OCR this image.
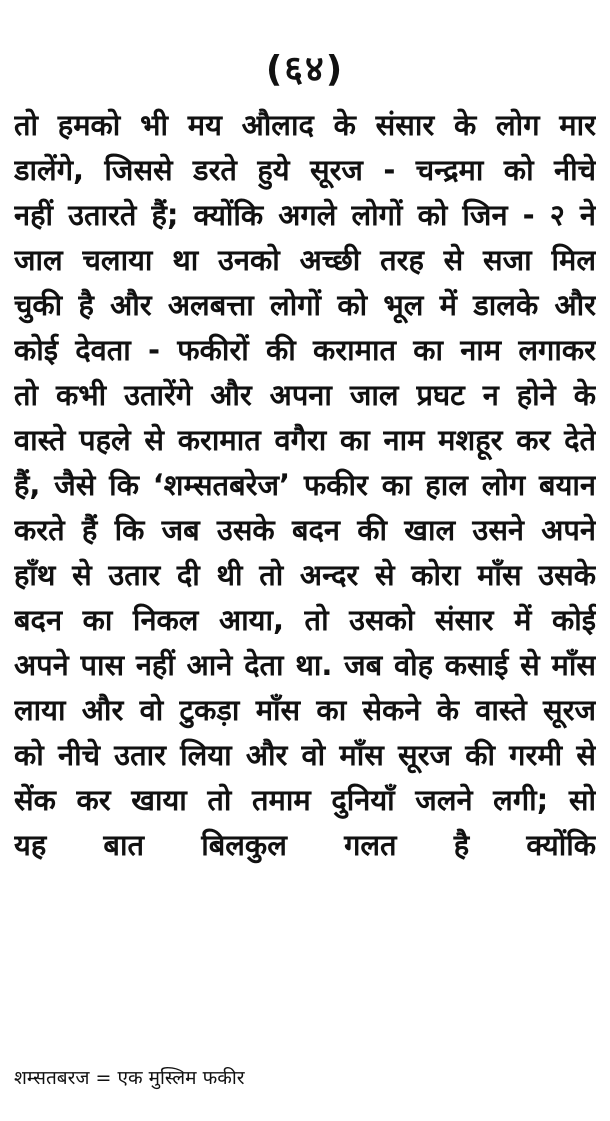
(६४)
तो हमको भी मय औलाद के संसार के लोग मार
डालेंगे, जिससे डरते हुये सूरज - चन्द्रमा को नीचे
नहीं उतारते हैं; क्योंकि अगले लोगों को जिन - २ ने
जाल चलाया था उनको अच्छी तरह से सजा मिल
चुकी है और अलबत्ता लोगों को भूल में डालके और
कोई देवता - फकीरों की करामात का नाम लगाकर
तो कभी उतारेंगे और अपना जाल प्रघट न होने के
वास्ते पहले से करामात वगैरा का नाम मशहूर कर देते
हैं, जैसे कि ‘शम्सतबरेज’ फकीर का हाल लोग बयान
करते हैं कि जब उसके बदन की खाल उसने अपने
हाँथ से उतार दी थी तो अन्दर से कोरा माँस उसके
बदन का निकल आया, तो उसको संसार में कोई
अपने पास नहीं आने देता था. जब वोह कसाई से माँस
लाया और वो टुकड़ा माँस का सेकने के वास्ते सूरज
को नीचे उतार लिया और वो माँस सूरज की गरमी से
सेंक कर खाया तो तमाम दुनियाँ जलने लगी; सो
यह बात बिलकुल गलत है क्योंकि
शम्सतबरज = एक मुस्लिम फकीर
